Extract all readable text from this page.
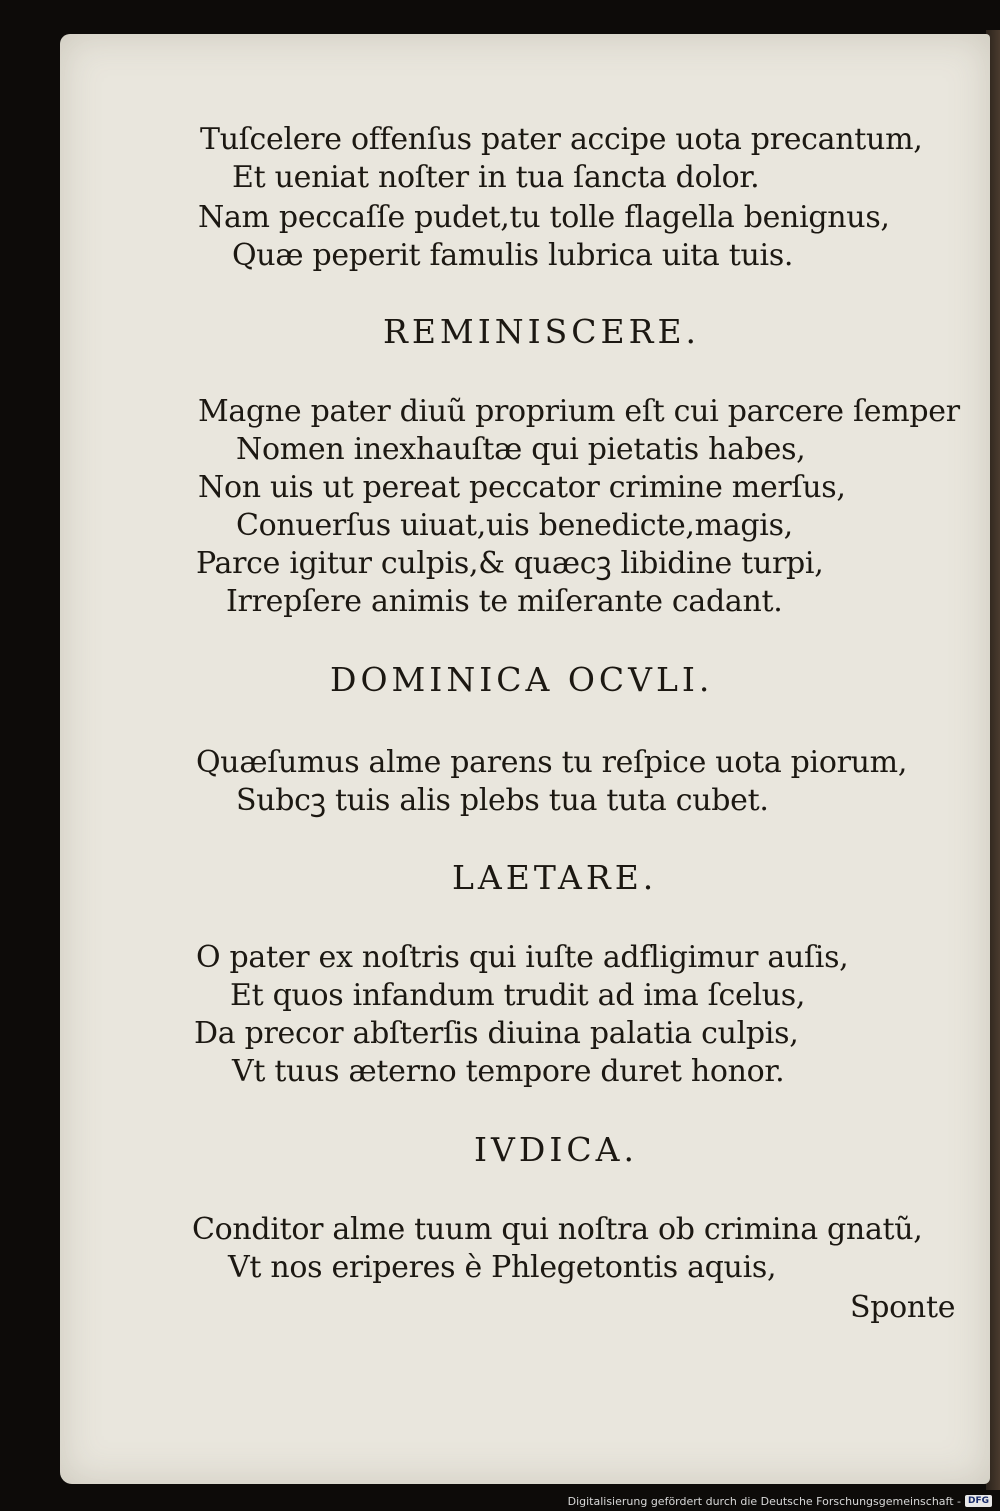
Tuſcelere offenſus pater accipe uota precantum,
Et ueniat noſter in tua ſancta dolor.
Nam peccaſſe pudet,tu tolle flagella benignus,
Quæ peperit famulis lubrica uita tuis.
REMINISCERE.
Magne pater diuũ proprium eſt cui parcere ſemper
Nomen inexhauſtæ qui pietatis habes,
Non uis ut pereat peccator crimine merſus,
Conuerſus uiuat,uis benedicte,magis,
Parce igitur culpis,& quæcꝫ libidine turpi,
Irrepſere animis te miſerante cadant.
DOMINICA OCVLI.
Quæſumus alme parens tu reſpice uota piorum,
Subcꝫ tuis alis plebs tua tuta cubet.
LAETARE.
O pater ex noſtris qui iuſte adfligimur auſis,
Et quos infandum trudit ad ima ſcelus,
Da precor abſterſis diuina palatia culpis,
Vt tuus æterno tempore duret honor.
IVDICA.
Conditor alme tuum qui noſtra ob crimina gnatũ,
Vt nos eriperes è Phlegetontis aquis,
Sponte
Digitalisierung gefördert durch die Deutsche Forschungsgemeinschaft - DFG
